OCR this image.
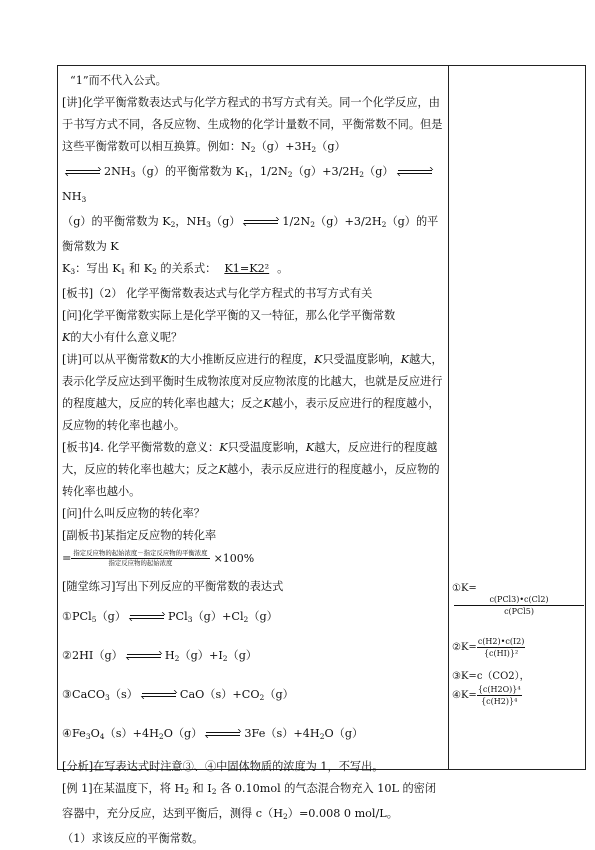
“1”而不代入公式。
[讲]化学平衡常数表达式与化学方程式的书写方式有关。同一个化学反应，由于书写方式不同，各反应物、生成物的化学计量数不同，平衡常数不同。但是这些平衡常数可以相互换算。例如：$N_2(g)+3H_2(g)$

$2NH_3(g)$的平衡常数为 $K_1$，$1/2N_2(g)+3/2H_2(g)$
$NH_3$
（g）的平衡常数为 $K_2$，$NH_3(g)$	$1/2N_2(g)+3/2H_2(g)$的平衡常数为 K
$K_3$：写出 $K_1$ 和 $K_2$ 的关系式： K1=K2² 。
[板书]（2） 化学平衡常数表达式与化学方程式的书写方式有关
[问]化学平衡常数实际上是化学平衡的又一特征，那么化学平衡常数
K的大小有什么意义呢？
[讲]可以从平衡常数K的大小推断反应进行的程度，K只受温度影响，K越大，表示化学反应达到平衡时生成物浓度对反应物浓度的比越大，也就是反应进行的程度越大，反应的转化率也越大；反之K越小，表示反应进行的程度越小，反应物的转化率也越小。
[板书]4. 化学平衡常数的意义：K只受温度影响，K越大，反应进行的程度越大，反应的转化率也越大；反之K越小，表示反应进行的程度越小，反应物的转化率也越小。
[问]什么叫反应物的转化率？
[副板书]某指定反应物的转化率
= $\frac{\text{指定反应物的起始浓度－指定反应物的平衡浓度}}{\text{指定反应物的起始浓度}} \times 100\%$
[随堂练习]写出下列反应的平衡常数的表达式
①PCl$_5$（g）	$PCl_3(g)+Cl_2(g)$
②2HI（g）	$H_2(g)+I_2(g)$
③CaCO$_3$（s）	$CaO(s)+CO_2(g)$
$④Fe_3O_4(s)+4H_2O(g)$	$3Fe(s)+4H_2O(g)$
[分析]在写表达式时注意③、④中固体物质的浓度为 1，不写出。
[例 1]在某温度下，将 $H_2$ 和 $I_2$ 各 0.10mol 的气态混合物充入 10L 的密闭容器中，充分反应，达到平衡后，测得 $c(H_2)=0.008$ 0 mol/L。
（1）求该反应的平衡常数。
①K=
$\frac{\text{c(PCl3)•c(Cl2)}}{\text{c(PCl5)}}$
②K= $\frac{c(H2)•c(I2)}{\text{\{c(HI)\}²}}$
③K=c（CO2），
④K= $\frac{\text{\{c(H2O)\}⁴}}{\text{\{c(H2)\}⁴}}$
